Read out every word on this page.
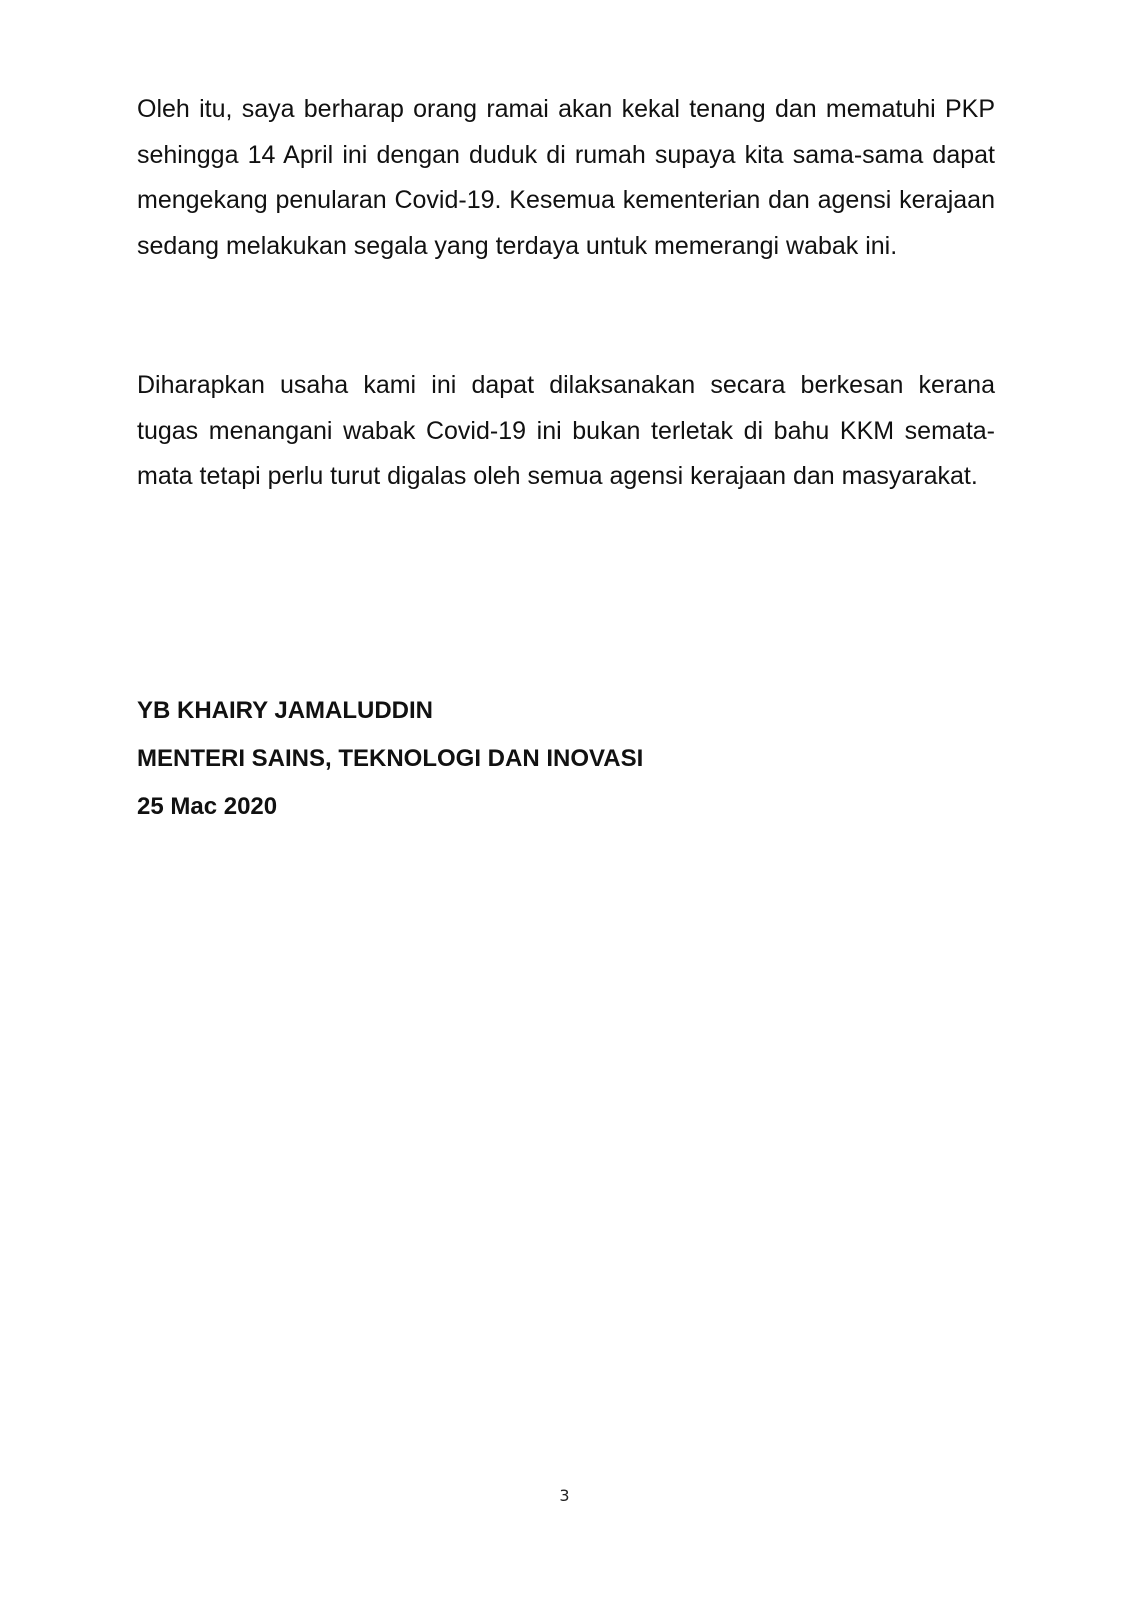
Oleh itu, saya berharap orang ramai akan kekal tenang dan mematuhi PKP sehingga 14 April ini dengan duduk di rumah supaya kita sama-sama dapat mengekang penularan Covid-19. Kesemua kementerian dan agensi kerajaan sedang melakukan segala yang terdaya untuk memerangi wabak ini.

Diharapkan usaha kami ini dapat dilaksanakan secara berkesan kerana tugas menangani wabak Covid-19 ini bukan terletak di bahu KKM semata-mata tetapi perlu turut digalas oleh semua agensi kerajaan dan masyarakat.

YB KHAIRY JAMALUDDIN
MENTERI SAINS, TEKNOLOGI DAN INOVASI
25 Mac 2020
3
